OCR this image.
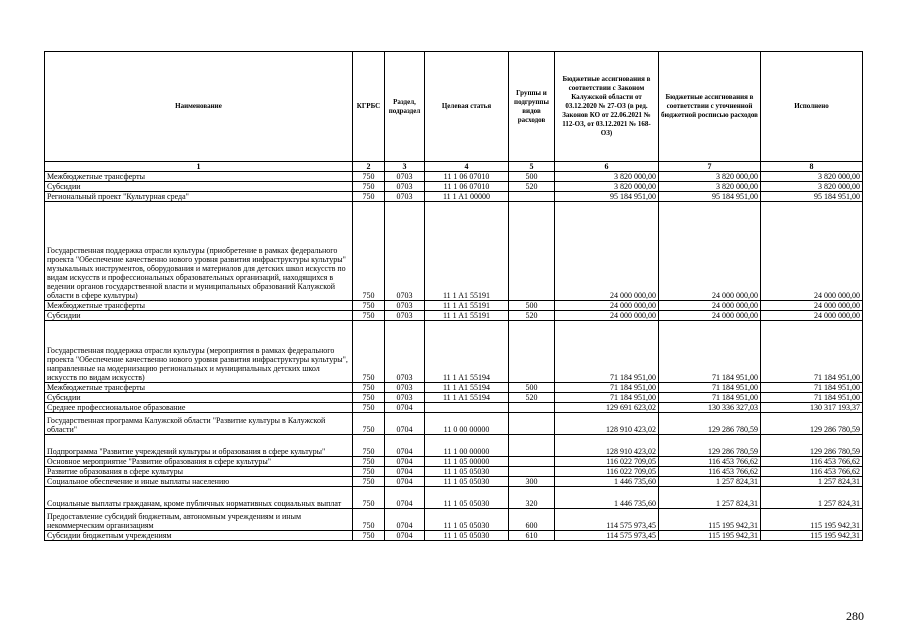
Наименование	КГРБС	Раздел, подраздел	Целевая статья	Группы и подгруппы видов расходов	Бюджетные ассигнования в соответствии с Законом Калужской области от 03.12.2020 № 27-ОЗ (в ред. Законов КО от 22.06.2021 № 112-ОЗ, от 03.12.2021 № 168-ОЗ)	Бюджетные ассигнования в соответствии с уточненной бюджетной росписью расходов	Исполнено
1	2	3	4	5	6	7	8
Межбюджетные трансферты	750	0703	11 1 06 07010	500	3 820 000,00	3 820 000,00	3 820 000,00
Субсидии	750	0703	11 1 06 07010	520	3 820 000,00	3 820 000,00	3 820 000,00
Региональный проект "Культурная среда"	750	0703	11 1 A1 00000		95 184 951,00	95 184 951,00	95 184 951,00
Государственная поддержка отрасли культуры (приобретение в рамках федерального проекта "Обеспечение качественно нового уровня развития инфраструктуры культуры" музыкальных инструментов, оборудования и материалов для детских школ искусств по видам искусств и профессиональных образовательных организаций, находящихся в ведении органов государственной власти и муниципальных образований Калужской области в сфере культуры)	750	0703	11 1 A1 55191		24 000 000,00	24 000 000,00	24 000 000,00
Межбюджетные трансферты	750	0703	11 1 A1 55191	500	24 000 000,00	24 000 000,00	24 000 000,00
Субсидии	750	0703	11 1 A1 55191	520	24 000 000,00	24 000 000,00	24 000 000,00
Государственная поддержка отрасли культуры (мероприятия в рамках федерального проекта "Обеспечение качественно нового уровня развития инфраструктуры культуры", направленные на модернизацию региональных и муниципальных детских школ искусств по видам искусств)	750	0703	11 1 A1 55194		71 184 951,00	71 184 951,00	71 184 951,00
Межбюджетные трансферты	750	0703	11 1 A1 55194	500	71 184 951,00	71 184 951,00	71 184 951,00
Субсидии	750	0703	11 1 A1 55194	520	71 184 951,00	71 184 951,00	71 184 951,00
Среднее профессиональное образование	750	0704			129 691 623,02	130 336 327,03	130 317 193,37
Государственная программа Калужской области "Развитие культуры в Калужской области"	750	0704	11 0 00 00000		128 910 423,02	129 286 780,59	129 286 780,59
Подпрограмма "Развитие учреждений культуры и образования в сфере культуры"	750	0704	11 1 00 00000		128 910 423,02	129 286 780,59	129 286 780,59
Основное мероприятие "Развитие образования в сфере культуры"	750	0704	11 1 05 00000		116 022 709,05	116 453 766,62	116 453 766,62
Развитие образования в сфере культуры	750	0704	11 1 05 05030		116 022 709,05	116 453 766,62	116 453 766,62
Социальное обеспечение и иные выплаты населению	750	0704	11 1 05 05030	300	1 446 735,60	1 257 824,31	1 257 824,31
Социальные выплаты гражданам, кроме публичных нормативных социальных выплат	750	0704	11 1 05 05030	320	1 446 735,60	1 257 824,31	1 257 824,31
Предоставление субсидий бюджетным, автономным учреждениям и иным некоммерческим организациям	750	0704	11 1 05 05030	600	114 575 973,45	115 195 942,31	115 195 942,31
Субсидии бюджетным учреждениям	750	0704	11 1 05 05030	610	114 575 973,45	115 195 942,31	115 195 942,31
280
